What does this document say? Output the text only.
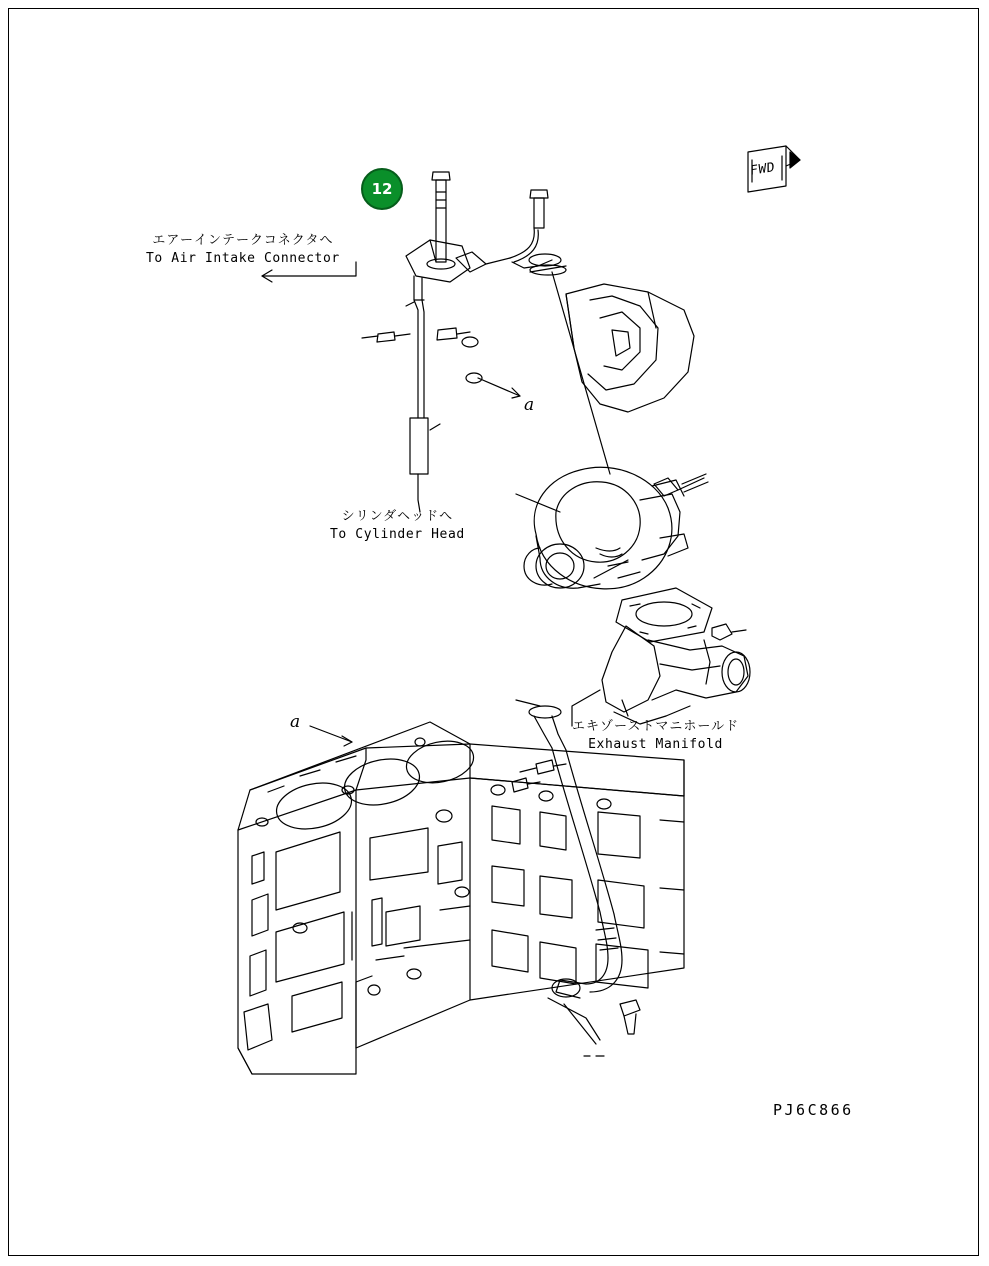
12
FWD
エアーインテークコネクタへ
To Air Intake Connector
シリンダヘッドへ
To Cylinder Head
エキゾーストマニホールド
Exhaust Manifold
a
a
PJ6C866
